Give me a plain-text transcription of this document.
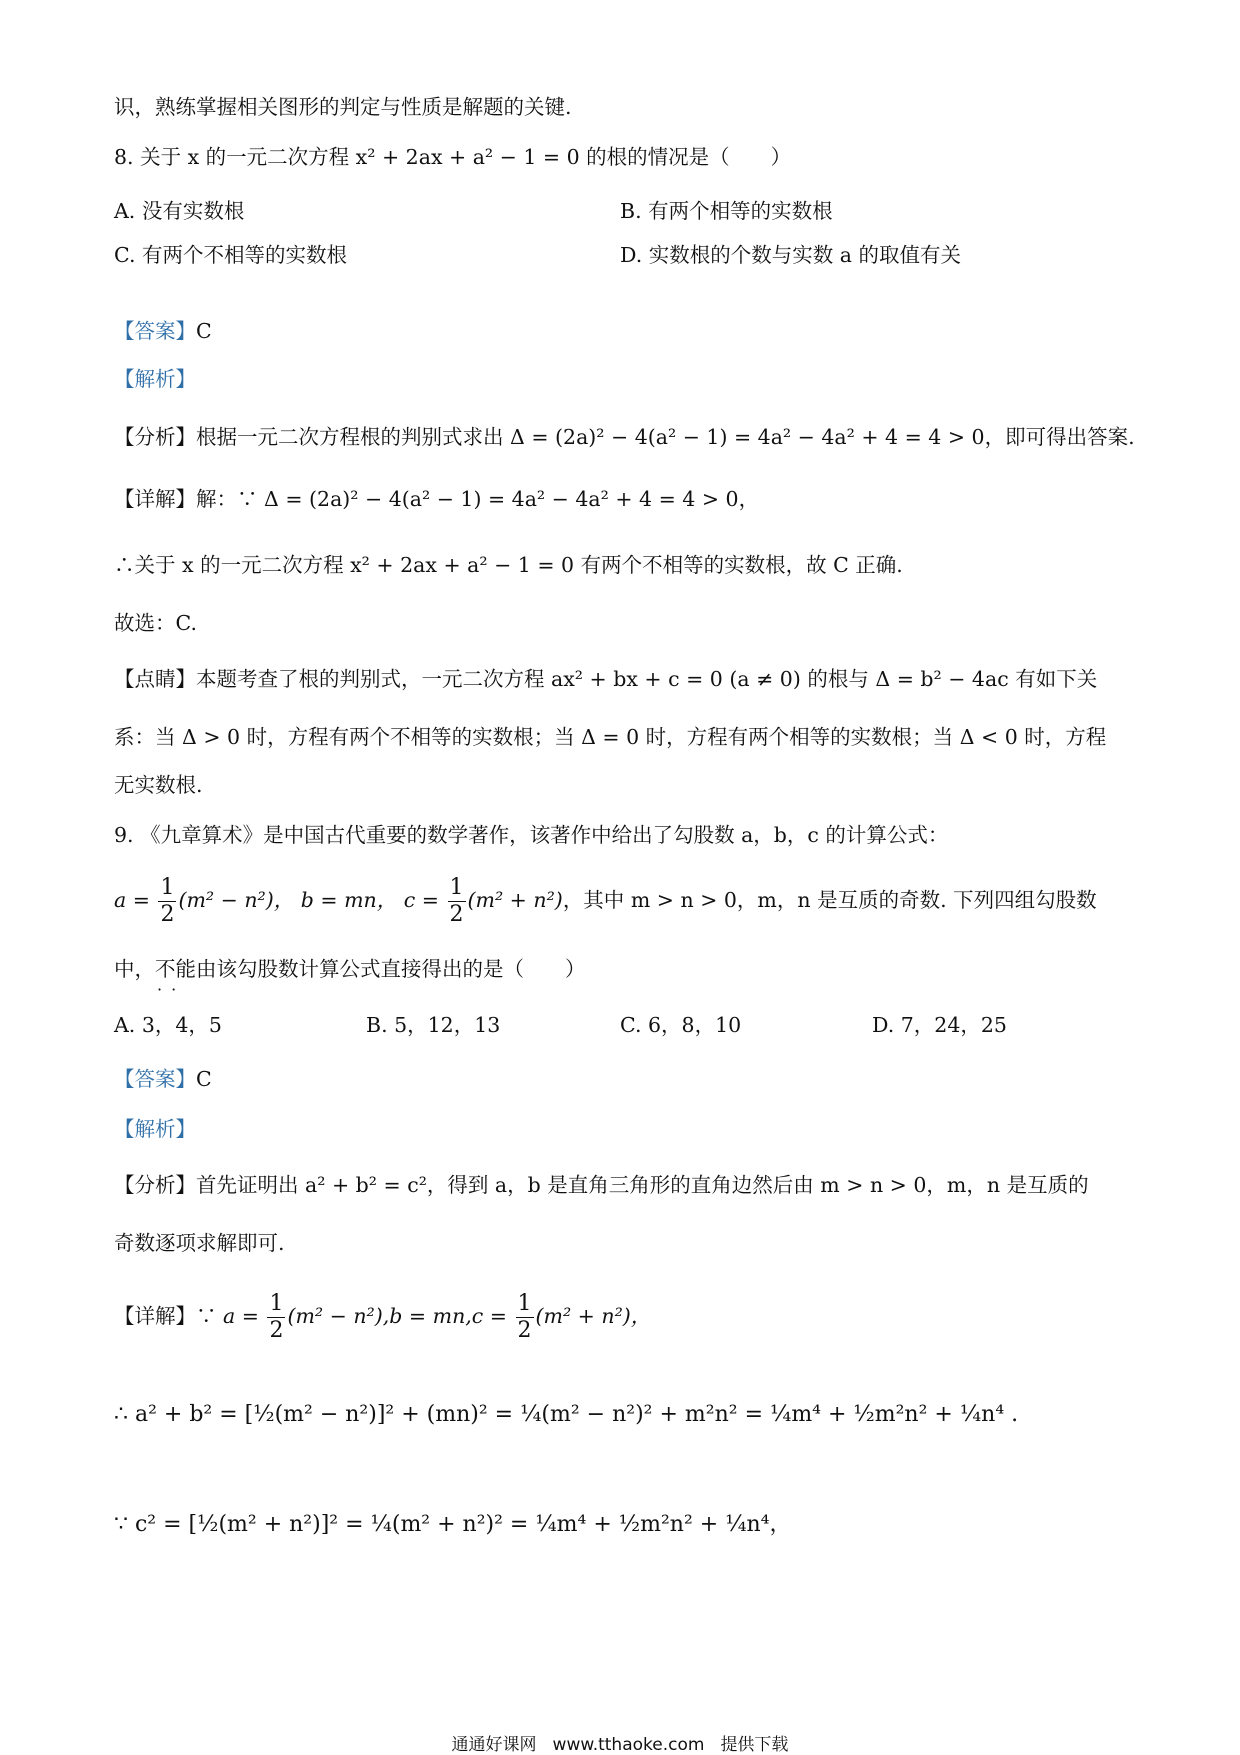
识，熟练掌握相关图形的判定与性质是解题的关键.
8. 关于 x 的一元二次方程 x² + 2ax + a² − 1 = 0 的根的情况是（　　）
A. 没有实数根	B. 有两个相等的实数根
C. 有两个不相等的实数根	D. 实数根的个数与实数 a 的取值有关
【答案】C
【解析】
【分析】根据一元二次方程根的判别式求出 Δ = (2a)² − 4(a² − 1) = 4a² − 4a² + 4 = 4 > 0，即可得出答案.
【详解】解：∵ Δ = (2a)² − 4(a² − 1) = 4a² − 4a² + 4 = 4 > 0，
∴关于 x 的一元二次方程 x² + 2ax + a² − 1 = 0 有两个不相等的实数根，故 C 正确.
故选：C.
【点睛】本题考查了根的判别式，一元二次方程 ax² + bx + c = 0 (a ≠ 0) 的根与 Δ = b² − 4ac 有如下关
系：当 Δ > 0 时，方程有两个不相等的实数根；当 Δ = 0 时，方程有两个相等的实数根；当 Δ < 0 时，方程
无实数根.
9. 《九章算术》是中国古代重要的数学著作，该著作中给出了勾股数 a，b，c 的计算公式：
$a = \frac{1}{2} (m^2 - n^2)$， b = mn， $c = \frac{1}{2} (m^2 + n^2)$，其中 m > n > 0，m，n 是互质的奇数. 下列四组勾股数
中，不能 · ·由该勾股数计算公式直接得出的是（　　）
A. 3，4，5	B. 5，12，13	C. 6，8，10	D. 7，24，25
【答案】C
【解析】
【分析】首先证明出 a² + b² = c²，得到 a，b 是直角三角形的直角边然后由 m > n > 0，m，n 是互质的
奇数逐项求解即可.
【详解】∵ $a = \frac{1}{2} (m^2 - n^2),b = mn,c = \frac{1}{2} (m^2 + n^2)$，
∴ a² + b² = [½(m² − n²)]² + (mn)² = ¼(m² − n²)² + m²n² = ¼m⁴ + ½m²n² + ¼n⁴ .
∵ c² = [½(m² + n²)]² = ¼(m² + n²)² = ¼m⁴ + ½m²n² + ¼n⁴，
通通好课网 www.tthaoke.com 提供下载
